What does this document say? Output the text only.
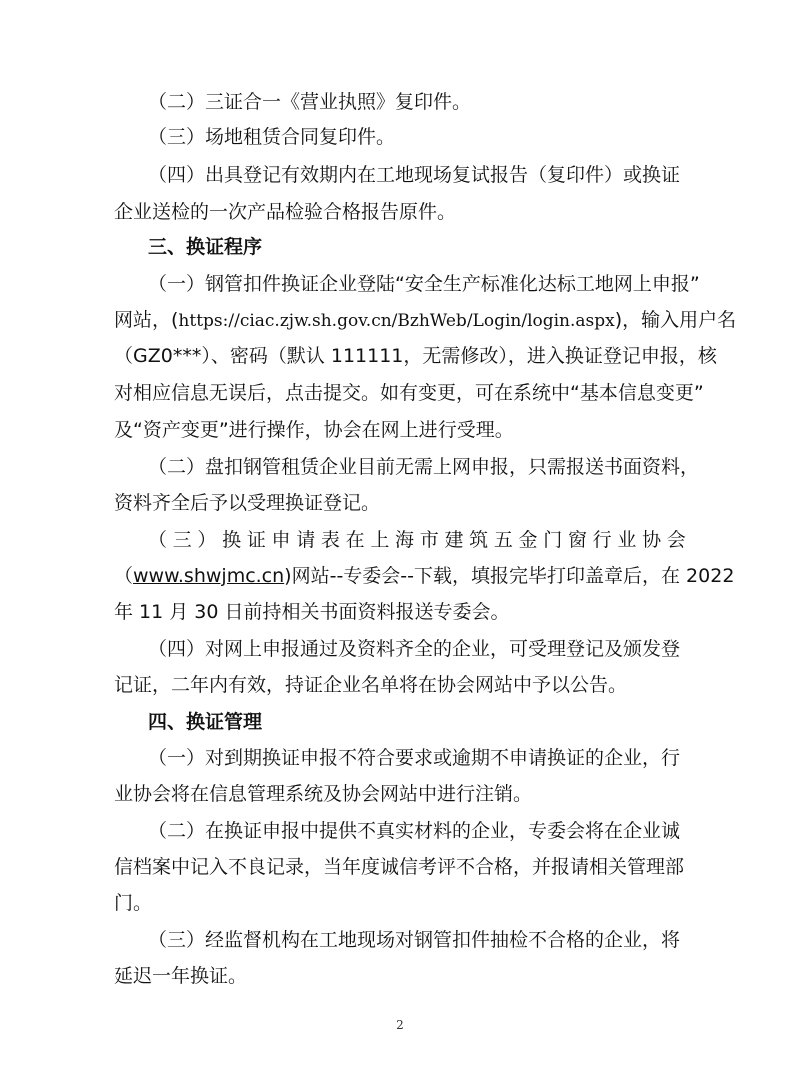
（二）三证合一《营业执照》复印件。
（三）场地租赁合同复印件。
（四）出具登记有效期内在工地现场复试报告（复印件）或换证
企业送检的一次产品检验合格报告原件。
三、换证程序
（一）钢管扣件换证企业登陆“安全生产标准化达标工地网上申报”
网站，(https://ciac.zjw.sh.gov.cn/BzhWeb/Login/login.aspx)，输入用户名
（GZ0***）、密码（默认 111111，无需修改），进入换证登记申报，核
对相应信息无误后，点击提交。如有变更，可在系统中“基本信息变更”
及“资产变更”进行操作，协会在网上进行受理。
（二）盘扣钢管租赁企业目前无需上网申报，只需报送书面资料，
资料齐全后予以受理换证登记。
（ 三 ） 换 证 申 请 表 在 上 海 市 建 筑 五 金 门 窗 行 业 协 会
（www.shwjmc.cn)网站--专委会--下载，填报完毕打印盖章后，在 2022
年 11 月 30 日前持相关书面资料报送专委会。
（四）对网上申报通过及资料齐全的企业，可受理登记及颁发登
记证，二年内有效，持证企业名单将在协会网站中予以公告。
四、换证管理
（一）对到期换证申报不符合要求或逾期不申请换证的企业，行
业协会将在信息管理系统及协会网站中进行注销。
（二）在换证申报中提供不真实材料的企业，专委会将在企业诚
信档案中记入不良记录，当年度诚信考评不合格，并报请相关管理部
门。
（三）经监督机构在工地现场对钢管扣件抽检不合格的企业，将
延迟一年换证。
2
